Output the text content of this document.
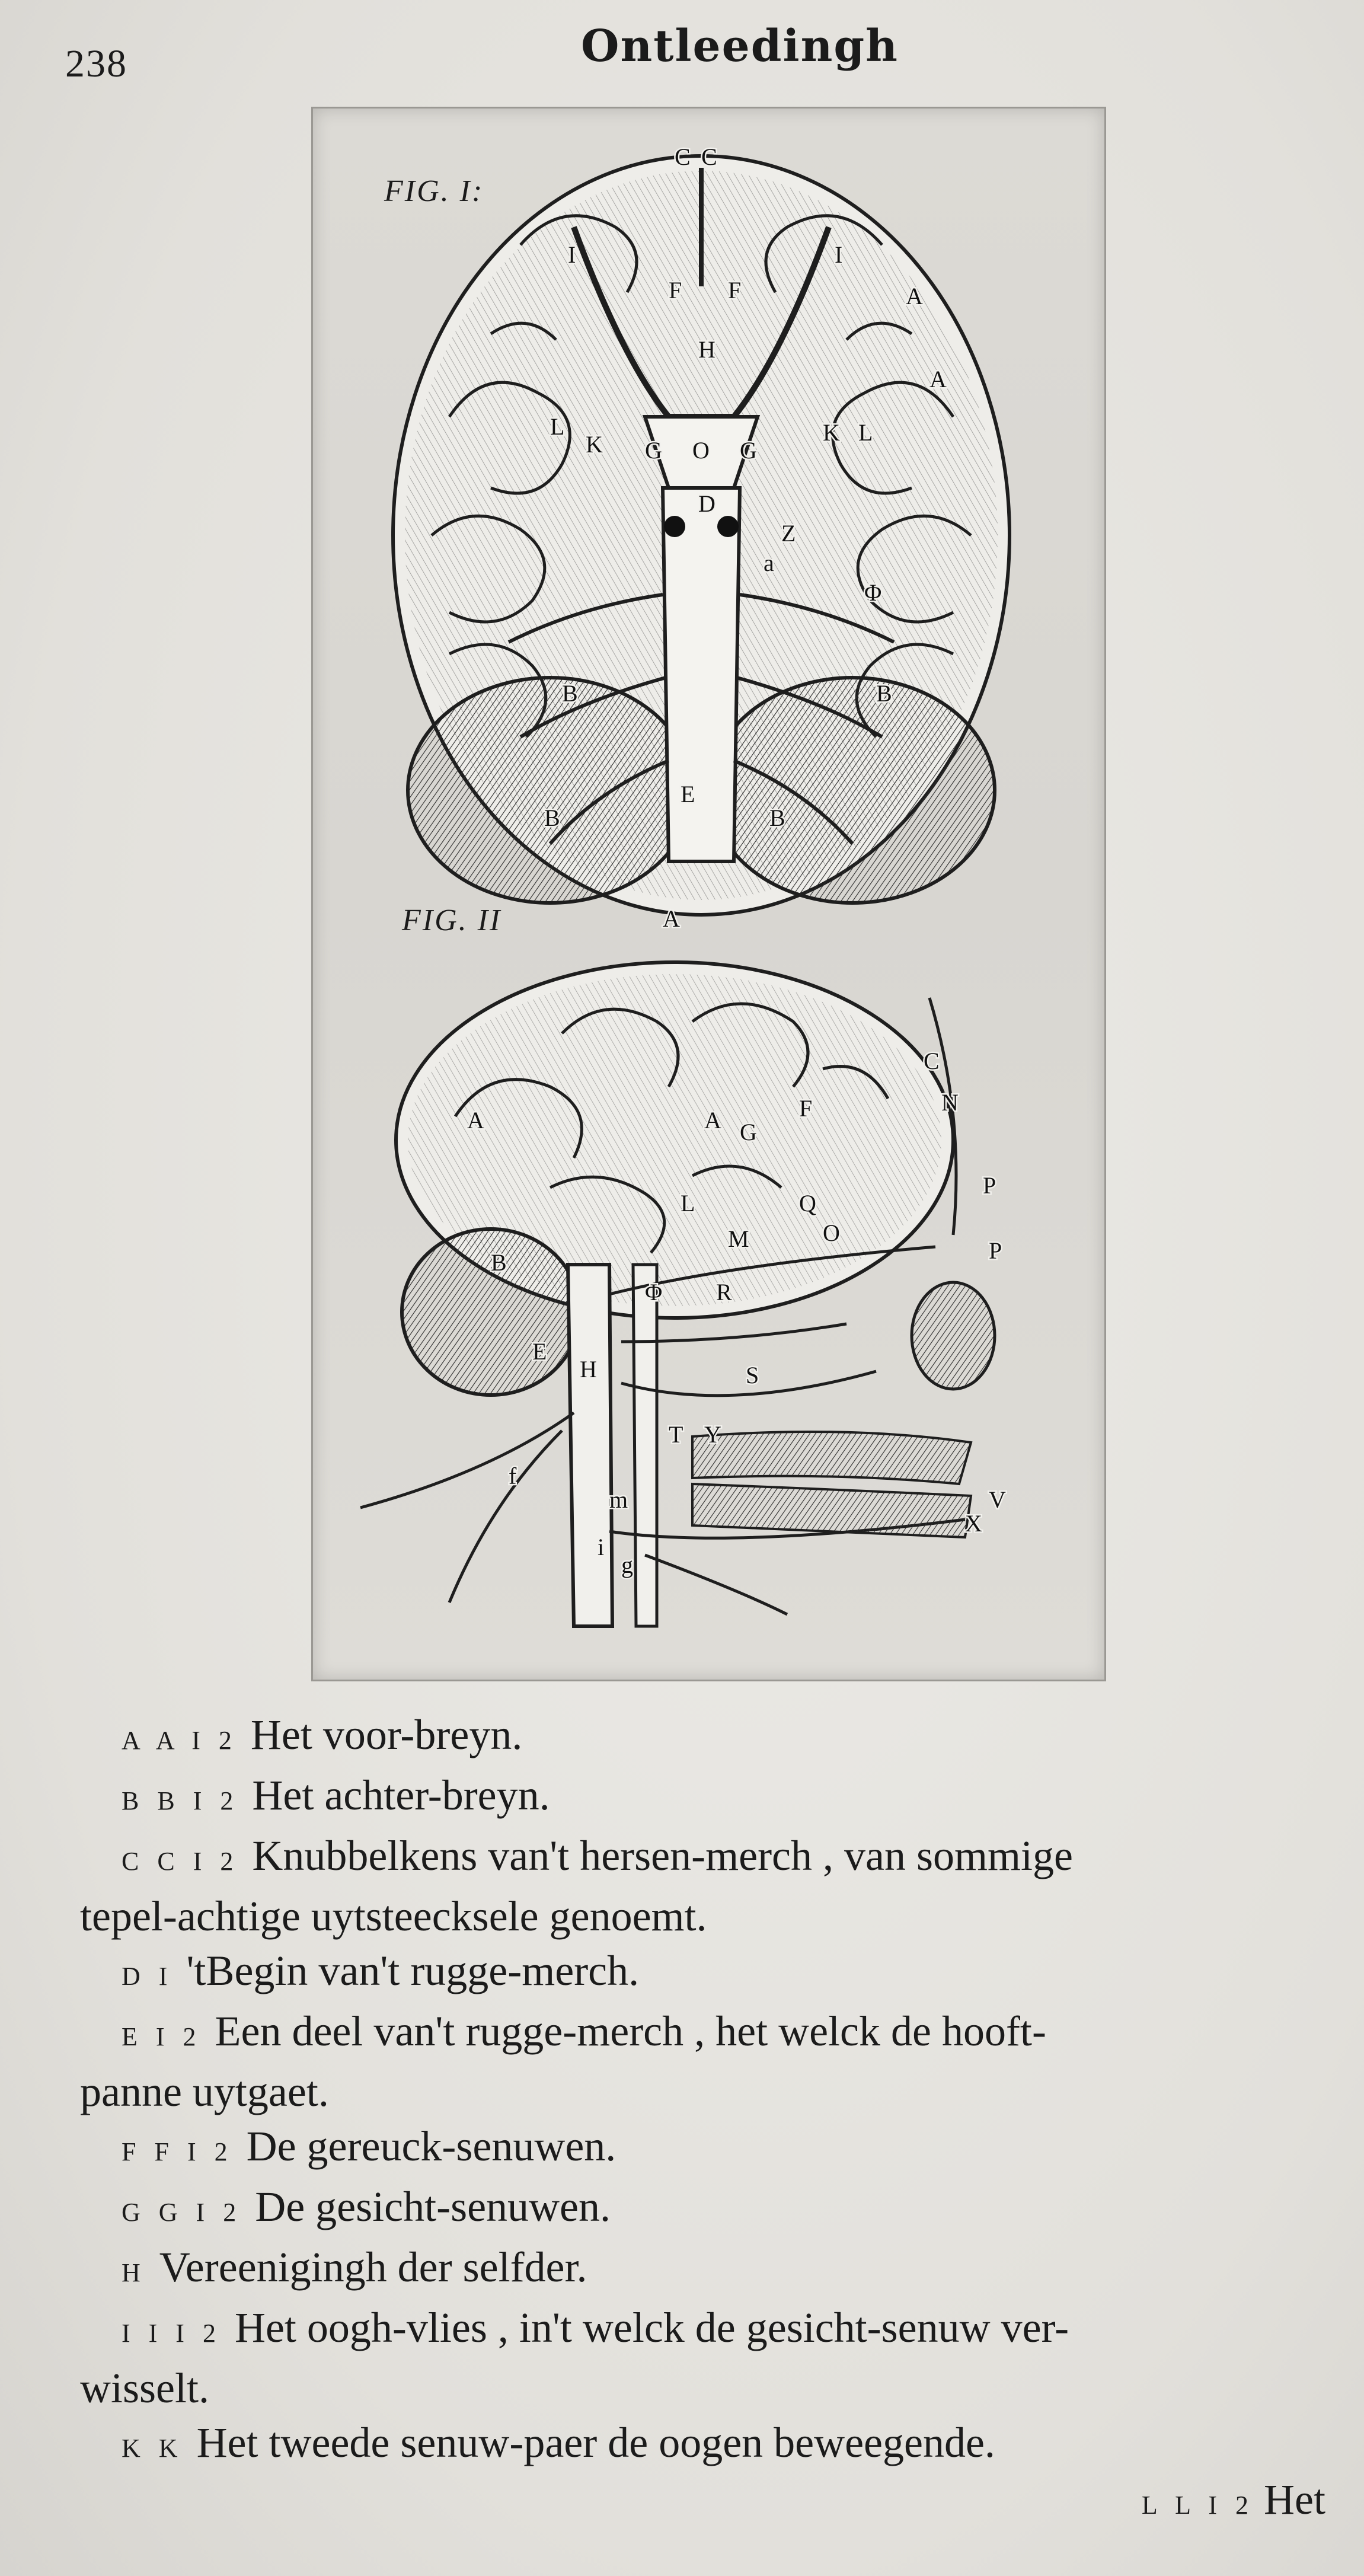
238	Ontleedingh
C C
A
A
I
F F
I
H
L
K G O G
K L
D
Z
a
Φ
B	B
E
B	B
A
C
A	A	F	N
G
P
B
L	Q
M	O
R
Φ
P
E
H	S
T Y
V
X
f
m
g
i
FIG. I:
FIG. II

A A I 2 Het voor-breyn.

B B I 2 Het achter-breyn.

C C I 2 Knubbelkens van't hersen-merch , van sommige

tepel-achtige uytsteecksele genoemt.

D I 'tBegin van't rugge-merch.

E I 2 Een deel van't rugge-merch , het welck de hooft-

panne uytgaet.

F F I 2 De gereuck-senuwen.

G G I 2 De gesicht-senuwen.

H Vereenigingh der selfder.

I I I 2 Het oogh-vlies , in't welck de gesicht-senuw ver-

wisselt.

K K Het tweede senuw-paer de oogen beweegende.

L L I 2 Het
